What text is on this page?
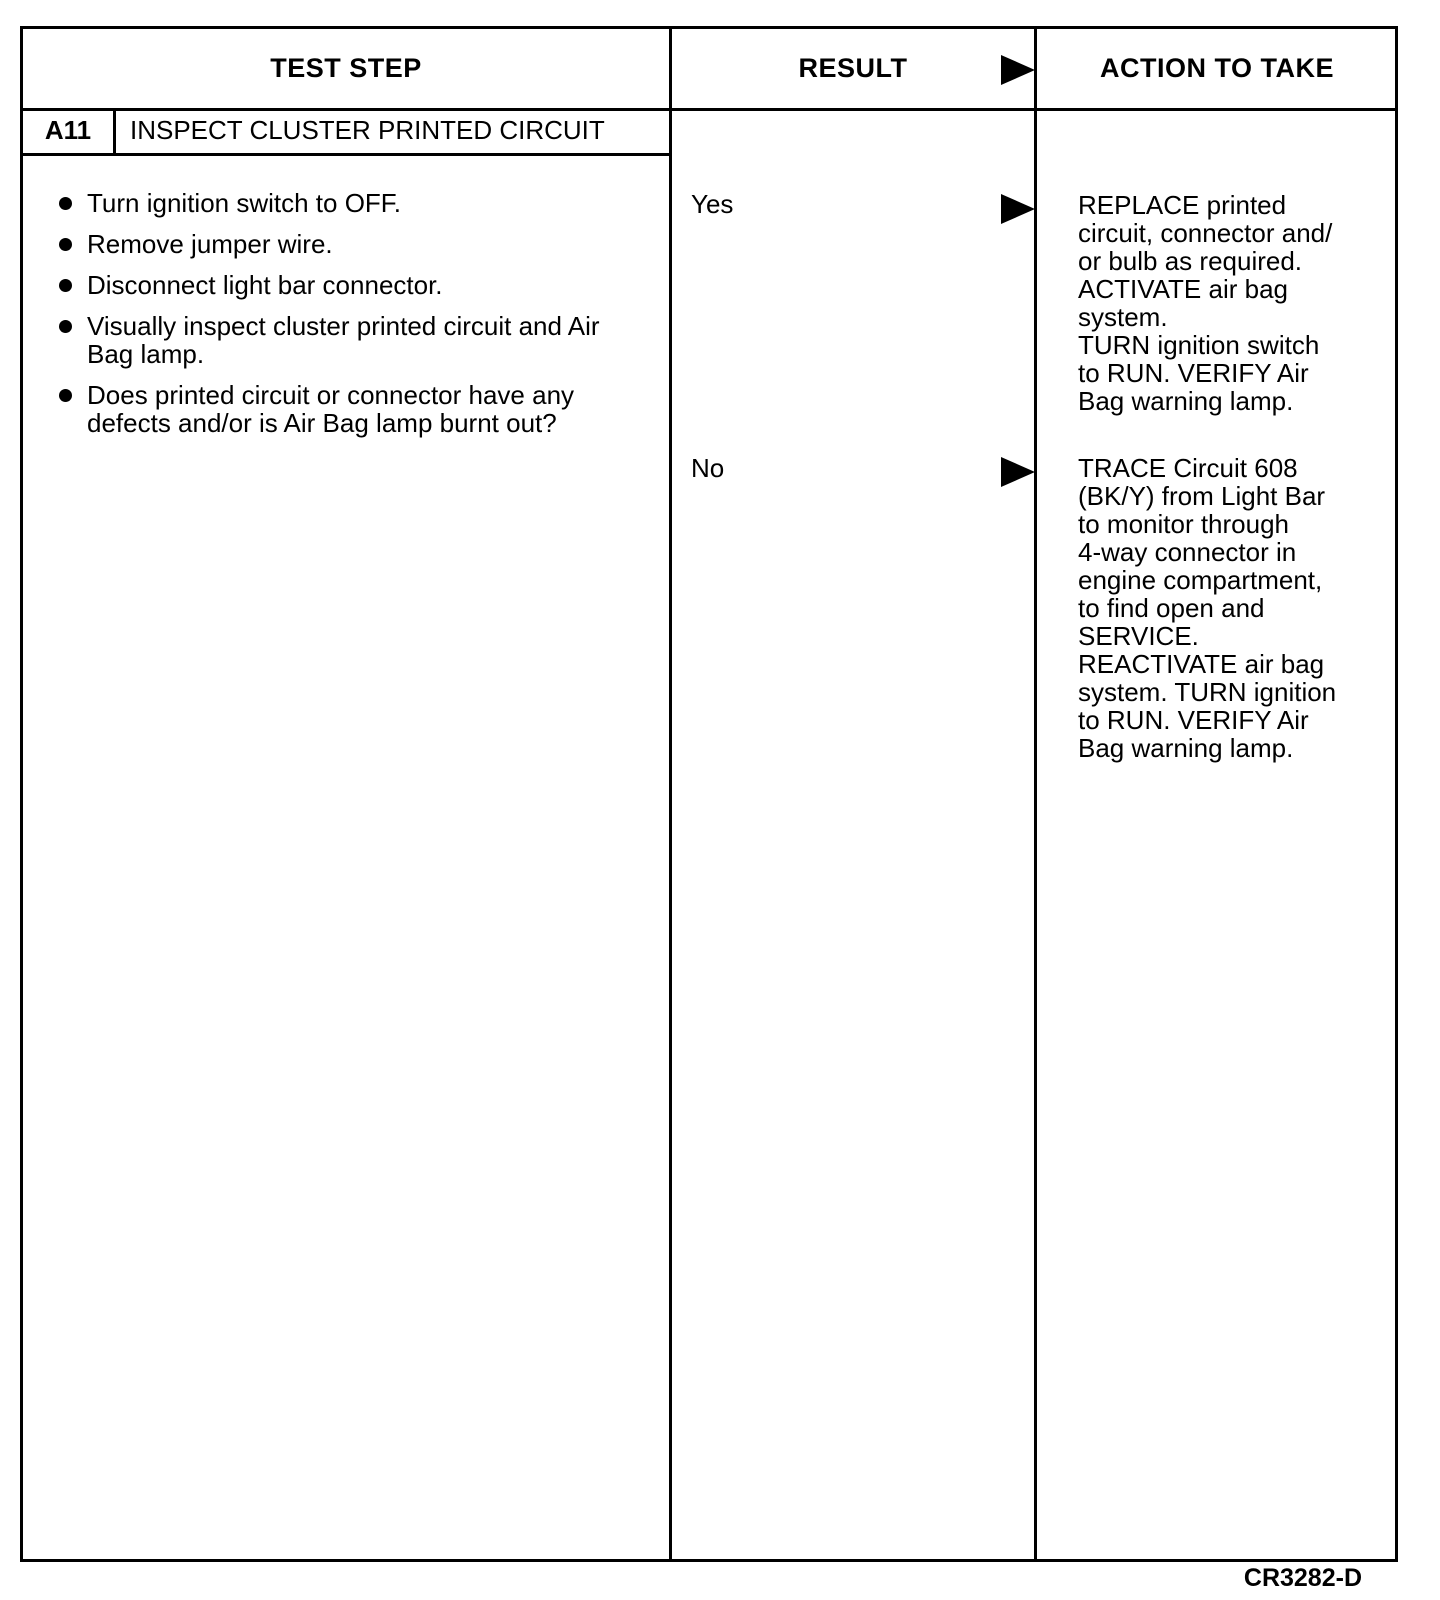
TEST STEP	RESULT	ACTION TO TAKE
A11	INSPECT CLUSTER PRINTED CIRCUIT
Turn ignition switch to OFF.
Remove jumper wire.
Disconnect light bar connector.
Visually inspect cluster printed circuit and Air Bag lamp.
Does printed circuit or connector have any defects and/or is Air Bag lamp burnt out?
Yes	REPLACE printed
circuit, connector and/
or bulb as required.
ACTIVATE air bag
system.
TURN ignition switch
to RUN. VERIFY Air
Bag warning lamp.
No	TRACE Circuit 608
(BK/Y) from Light Bar
to monitor through
4-way connector in
engine compartment,
to find open and
SERVICE.
REACTIVATE air bag
system. TURN ignition
to RUN. VERIFY Air
Bag warning lamp.
CR3282-D
